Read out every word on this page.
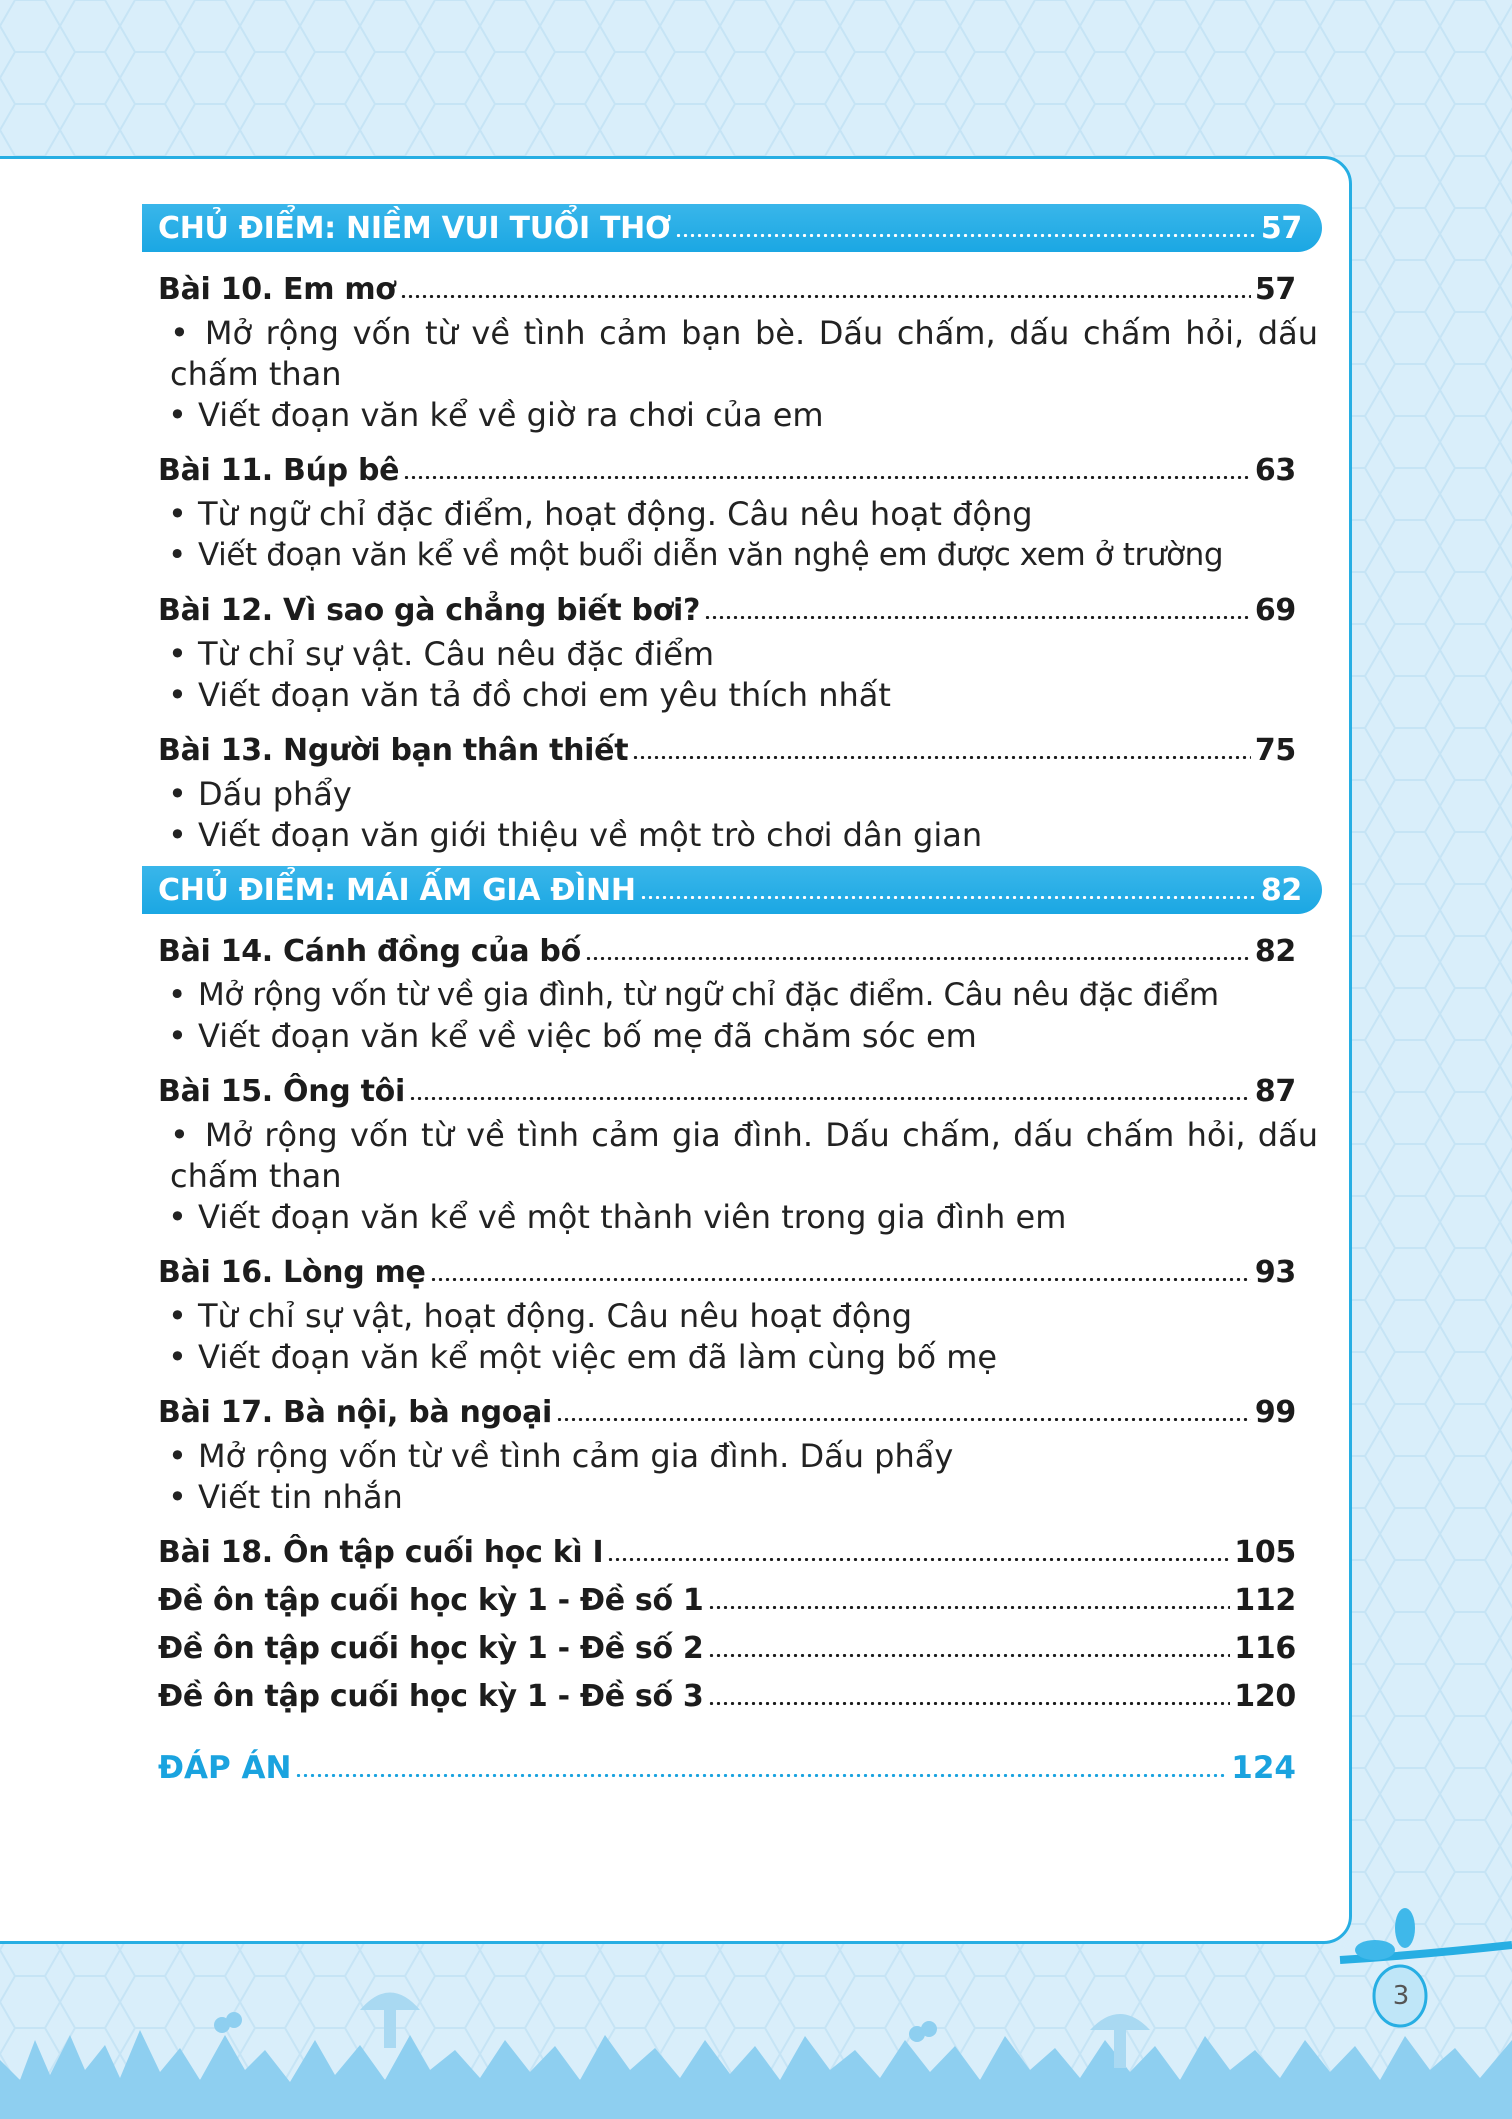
CHỦ ĐIỂM: NIỀM VUI TUỔI THƠ	57
Bài 10. Em mơ	57
• Mở rộng vốn từ về tình cảm bạn bè. Dấu chấm, dấu chấm hỏi, dấu chấm than
• Viết đoạn văn kể về giờ ra chơi của em
Bài 11. Búp bê	63
• Từ ngữ chỉ đặc điểm, hoạt động. Câu nêu hoạt động
• Viết đoạn văn kể về một buổi diễn văn nghệ em được xem ở trường
Bài 12. Vì sao gà chẳng biết bơi?	69
• Từ chỉ sự vật. Câu nêu đặc điểm
• Viết đoạn văn tả đồ chơi em yêu thích nhất
Bài 13. Người bạn thân thiết	75
• Dấu phẩy
• Viết đoạn văn giới thiệu về một trò chơi dân gian
CHỦ ĐIỂM: MÁI ẤM GIA ĐÌNH	82
Bài 14. Cánh đồng của bố	82
• Mở rộng vốn từ về gia đình, từ ngữ chỉ đặc điểm. Câu nêu đặc điểm
• Viết đoạn văn kể về việc bố mẹ đã chăm sóc em
Bài 15. Ông tôi	87
• Mở rộng vốn từ về tình cảm gia đình. Dấu chấm, dấu chấm hỏi, dấu chấm than
• Viết đoạn văn kể về một thành viên trong gia đình em
Bài 16. Lòng mẹ	93
• Từ chỉ sự vật, hoạt động. Câu nêu hoạt động
• Viết đoạn văn kể một việc em đã làm cùng bố mẹ
Bài 17. Bà nội, bà ngoại	99
• Mở rộng vốn từ về tình cảm gia đình. Dấu phẩy
• Viết tin nhắn
Bài 18. Ôn tập cuối học kì I	105
Đề ôn tập cuối học kỳ 1 - Đề số 1	112
Đề ôn tập cuối học kỳ 1 - Đề số 2	116
Đề ôn tập cuối học kỳ 1 - Đề số 3	120
ĐÁP ÁN	124
3
